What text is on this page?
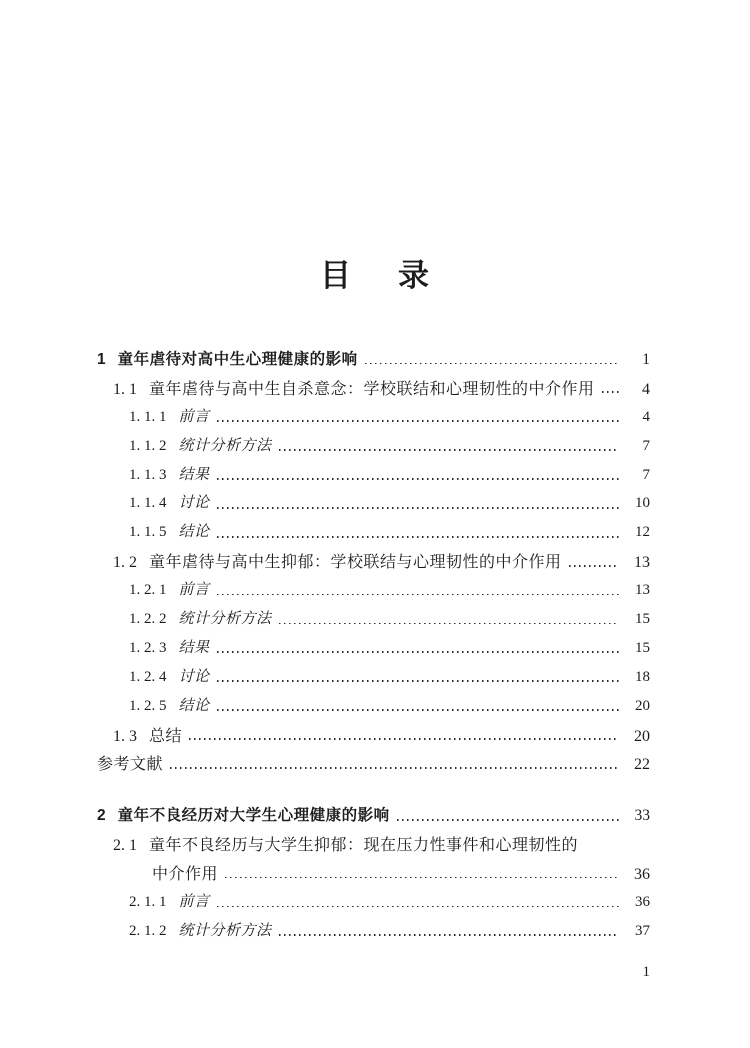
目 录
1 童年虐待对高中生心理健康的影响	1
1. 1 童年虐待与高中生自杀意念：学校联结和心理韧性的中介作用	4
1. 1. 1 前言	4
1. 1. 2 统计分析方法	7
1. 1. 3 结果	7
1. 1. 4 讨论	10
1. 1. 5 结论	12
1. 2 童年虐待与高中生抑郁：学校联结与心理韧性的中介作用	13
1. 2. 1 前言	13
1. 2. 2 统计分析方法	15
1. 2. 3 结果	15
1. 2. 4 讨论	18
1. 2. 5 结论	20
1. 3 总结	20
参考文献	22
2 童年不良经历对大学生心理健康的影响	33
2. 1 童年不良经历与大学生抑郁：现在压力性事件和心理韧性的
中介作用	36
2. 1. 1 前言	36
2. 1. 2 统计分析方法	37
1
